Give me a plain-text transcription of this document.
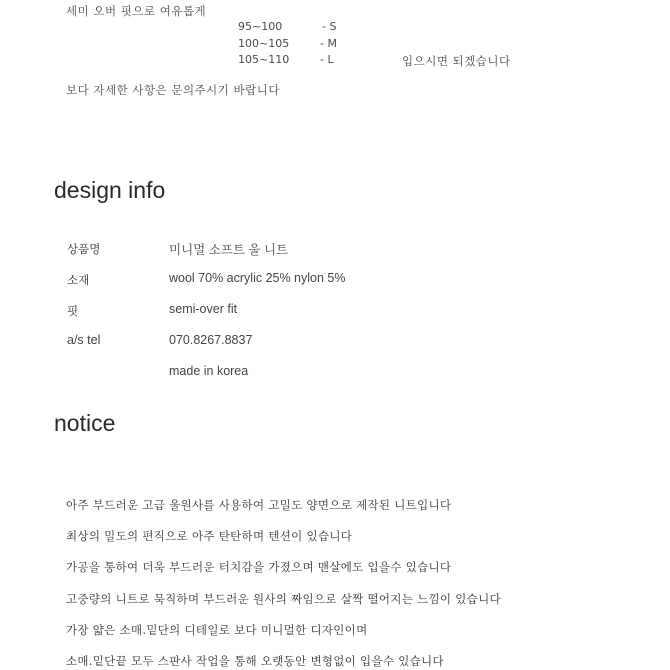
세미 오버 핏으로 여유롭게
95~100	- S
100~105	- M
105~110	- L	입으시면 되겠습니다
보다 자세한 사항은 문의주시기 바랍니다
design info
상품명	미니멀 소프트 울 니트
소재	wool 70% acrylic 25% nylon 5%
핏	semi-over fit
a/s tel	070.8267.8837
made in korea
notice
아주 부드러운 고급 울원사를 사용하여 고밀도 양면으로 제작된 니트입니다
최상의 밀도의 편직으로 아주 탄탄하며 텐션이 있습니다
가공을 통하여 더욱 부드러운 터치감을 가졌으며 맨살에도 입을수 있습니다
고중량의 니트로 묵직하며 부드러운 원사의 짜임으로 살짝 떨어지는 느낌이 있습니다
가장 얇은 소매.밑단의 디테일로 보다 미니멀한 디자인이며
소매.밑단끝 모두 스판사 작업을 통해 오랫동안 변형없이 입을수 있습니다
